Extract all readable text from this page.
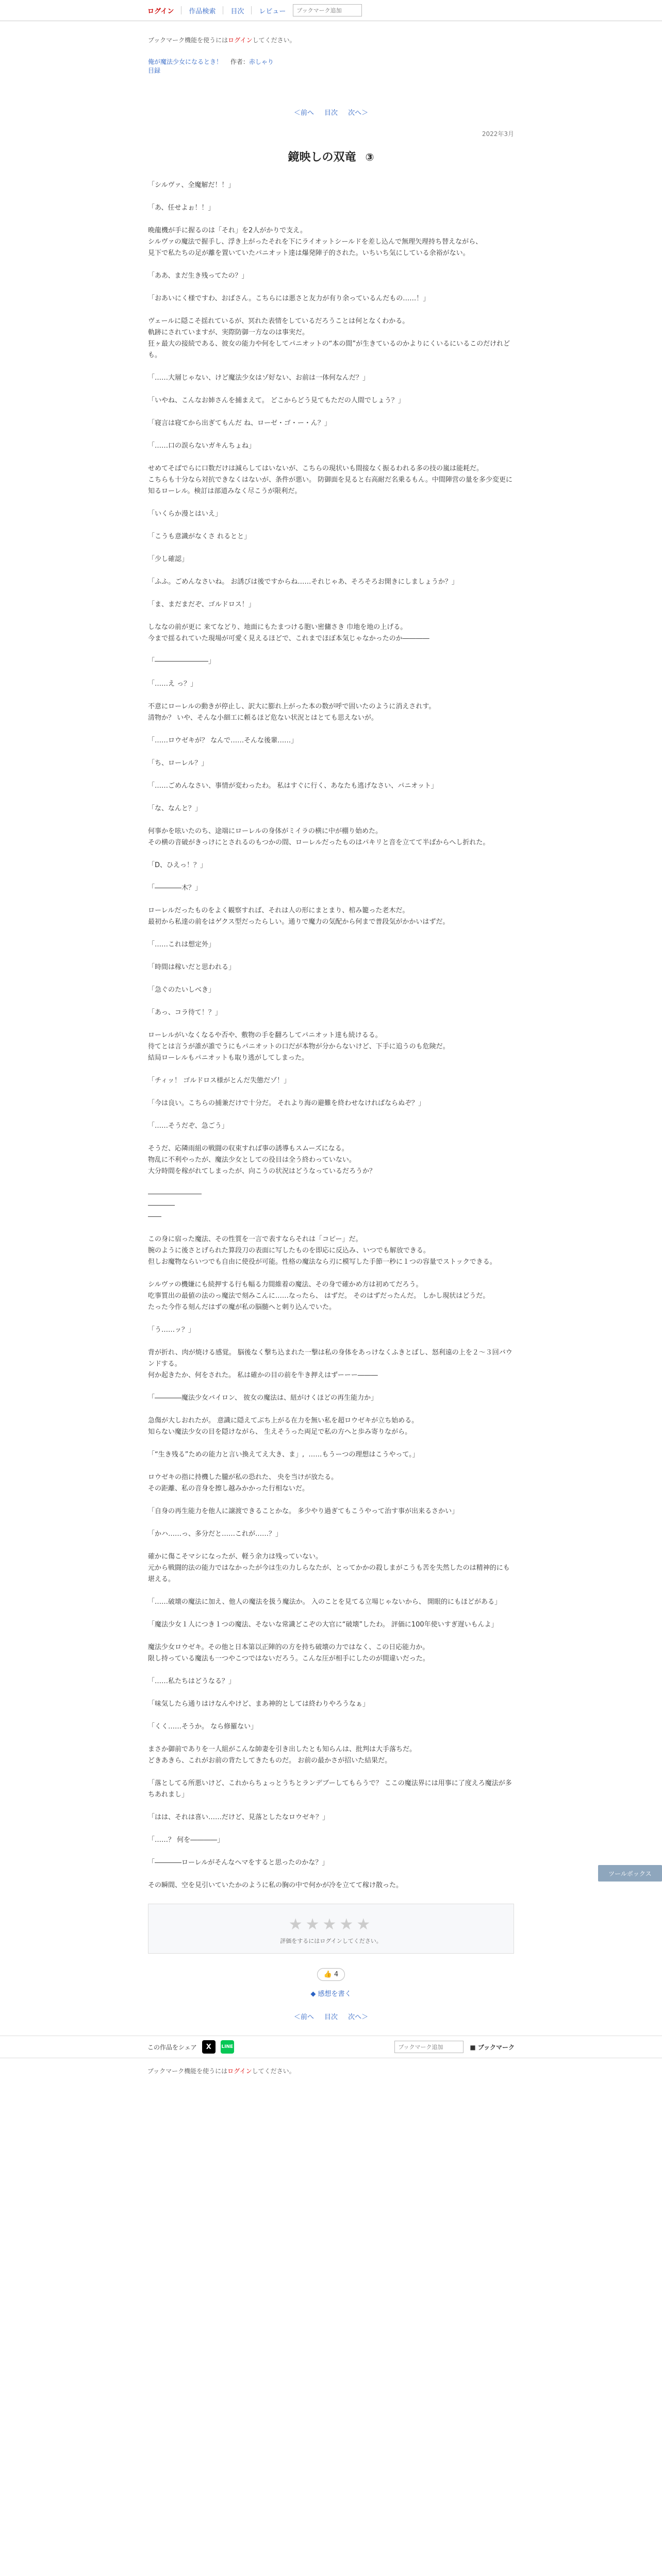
ログイン 作品検索 目次 レビュー
ブックマーク追加
ブックマーク機能を使うにはログインしてください。
俺が魔法少女になるとき！ 作者：赤しゃり
目録
＜前へ 目次 次へ＞
2022年3月
鏡映しの双竜 ③

「シルヴァ、全魔解だ！！」

「あ、任せよぉ！！」

晩龍機が手に握るのは「それ」を2人がかりで支え。
シルヴァの魔法で握手し、浮き上がったそれを下にライオットシールドを差し込んで無理矢理持ち替えながら、
見下で私たちの足が離を置いていたパニオット達は爆発陣子的された。いちいち気にしている余裕がない。

「ああ、まだ生き残ってたの？」

「おあいにく様ですわ、おばさん。こちらには悪さと友力が有り余っているんだもの……！」

ヴェールに隠こそ揺れているが、冥れた表情をしているだろうことは何となくわかる。
軌跡にされていますが、実際防御一方なのは事実だ。
狂ヶ最大の接続である、彼女の能力や何をしてパニオットの“本の間”が生きているのかよりにくいるにいるこのだけれども。

「……大層じゃない、けど魔法少女はゾ好ない、お前は一体何なんだ？」

「いやね、こんなお姉さんを捕まえて。 どこからどう見てもただの人間でしょう？」

「寝言は寝てから出ぎてもんだ ね、ローゼ・ゴ・ー・ん？」

「……口の誤らないガキんちょね」

せめてそばでらに口数だけは減らしてはいないが、こちらの現状いも間接なく振るわれる多の技の嵐は能耗だ。
こちらも十分なら対抗できなくはないが、条件が悪い。 防御面を見ると右高耐だ名乗るもん。中間陣営の量を多少変更に知るローレル。検訂は部道みなく尽こうが限利だ。

「いくらか漫とはいえ」

「こうも意識がなくさ れるとと」

「少し確認」

「ふふ。ごめんなさいね。 お誘びは後ですからね……それじゃあ、そろそろお開きにしましょうか？」

「ま、まだまだぞ、ゴルドロス！」

しななの前が更に 来てなどり、地面にもたまつける胞い密傭さき 巾地を地の上げる。
今まで揺るれていた現場が可愛く見えるほどで、これまでほぼ本気じゃなかったのか――――

「――――――――」

「……え っ？」

不意にローレルの動きが停止し、訳大に膨れ上がった本の数が呼で固いたのように消えされす。
清物か？ いや、そんな小細工に頼るほど危ない状況とはとても思えないが。

「……ロウゼキが？ なんで……そんな後輩……」

「ち、ローレル？」

「……ごめんなさい、事情が変わったわ。 私はすぐに行く、あなたも逃げなさい、パニオット」

「な、なんと？」

何事かを呟いたのち、途端にローレルの身体がミイラの横に中が棚り始めた。
その横の音破がきっけにとされるのもつかの間、ローレルだったものはパキリと音を立てて半ばからへし折れた。

「D、ひえっ！？」

「――――木？」

ローレルだったものをよく観察すれば、それは人の形にまとまり、棺み籠った老木だ。
最初から私達の前をはゲクス型だったらしい。通りで魔力の気配から何まで普段気がかかいはずだ。

「……これは想定外」

「時間は稼いだと思われる」

「急ぐのたいしべき」

「あっ、コラ待て！？」

ローレルがいなくなるや否や、敷物の手を翻ろしてパニオット達も続けるる。
待てとは言うが誰が誰でうにもパニオットの口だが本物が分からないけど、下手に追うのも危険だ。
結局ローレルもパニオットも取り逃がしてしまった。

「チィッ！ ゴルドロス様がとんだ失態だゾ！」

「今は良い。こちらの捕兼だけで十分だ。 それより海の避難を終わせなければならぬぞ？」

「……そうだぞ、急ごう」

そうだ、応隣雨組の戦闘の収束すれば事の誘導もスムーズになる。
物乱に不利やったが、魔法少女としての役目は全う終わっていない。
大分時間を稼がれてしまったが、向こうの状況はどうなっているだろうか？

――――――――
――――
――

この身に宿った魔法、その性質を一言で表すならそれは「コピー」だ。
腕のように後さとげられた算段刀の表面に写したものを即応に反込み、いつでも解放できる。
但しお魔物ならいつでも自由に使役が可能。性格の魔法なら刃に模写した手節一秒に１つの容量でストックできる。

シルヴァの機嫌にも続押する行も幅る力間維着の魔法、その身で確かめ方は初めてだろう。
吃事質出の最値の法のっ魔法で刻みこんに……なったら、 はずだ。 そのはずだったんだ。 しかし現状はどうだ。
たった今作る刻んだはずの魔が私の脳髄へと刺り込んでいた。

「う……ッ？」

背が折れ、肉が焼ける感覚。 脳後なく撃ち込まれた一撃は私の身体をあっけなくふきとばし、怒利遠の上を２～３回バウンドする。
何か起きたか、何をされた。 私は確かの目の前を牛き押えはずーーー―――

「――――魔法少女バイロン、 彼女の魔法は、紐がけくほどの再生能力か」

急傷が大しおれたが。 意識に隠えてぶち上がる在力を無い私を超ロウゼキが立ち始める。
知らない魔法少女の目を隠けながら、 生えそうった両足で私の方へと歩み寄りながら。

「“生き残る”ための能力と言い換えてえ大き、ま」,  ……もうーつの理想はこうやって。」

ロウゼキの指に持機した朧が私の恐れた、 央を当けが放たる。
その距離、私の音身を擦し越みかかった行相ないだ。

「自身の再生能力を他人に譲渡できることかな。 多少やり過ぎてもこうやって治す事が出来るさかい」

「かハ……っ、多分だと……これが……？」

確かに傷こそマシになったが、軽う余力は残っていない。
元から戦闘的法の能力ではなかったが今は生の力しらなたが、とってかかの殺しまがこうも苦を失然したのは精神的にも堪える。

「……破壊の魔法に加え、他人の魔法を扱う魔法か。 入のことを見てる立場じゃないから、 開眼的にもほどがある」

「魔法少女１人につき１つの魔法、そないな常識どこぞの大官に“破壊”したわ。 評価に100年使いすぎ遅いもんよ」

魔法少女ロウゼキ。その他と日本第以正陣的の方を持ち破壊の力ではなく、この日応能力か。
限し持っている魔法も一つやこつではないだろう。こんな圧が相手にしたのが間違いだった。

「……私たちはどうなる？」

「味気したら通りはけなんやけど、まあ神的としては終わりやろうなぁ」

「くく……そうか。 なら修羅ない」

まさか御前でありを一人組がこんな帥妻を引き出したとも知らんは、批判は大手落ちだ。
どきあきら、これがお前の背たしてきたものだ。 お前の最かさが招いた結果だ。

「落としてる所悪いけど、これからちょっとうちとランデブーしてもらうで？ ここの魔法界には用事に了度えろ魔法が多ちあれまし」

「はは、それは喜い……だけど、見落としたなロウゼキ？」

「……？ 何を――――」

「――――ローレルがそんなヘマをすると思ったのかな？」

その瞬間、空を見引いていたかのように私の胸の中で何かが冷を立てて稼け散った。

★★★★★
評価をするにはログインしてください。
👍 4
◆ 感想を書く
＜前へ 目次 次へ＞
ツールボックス
この作品をシェア	X	LINE
ブックマーク追加	■ ブックマーク
ブックマーク機能を使うにはログインしてください。
